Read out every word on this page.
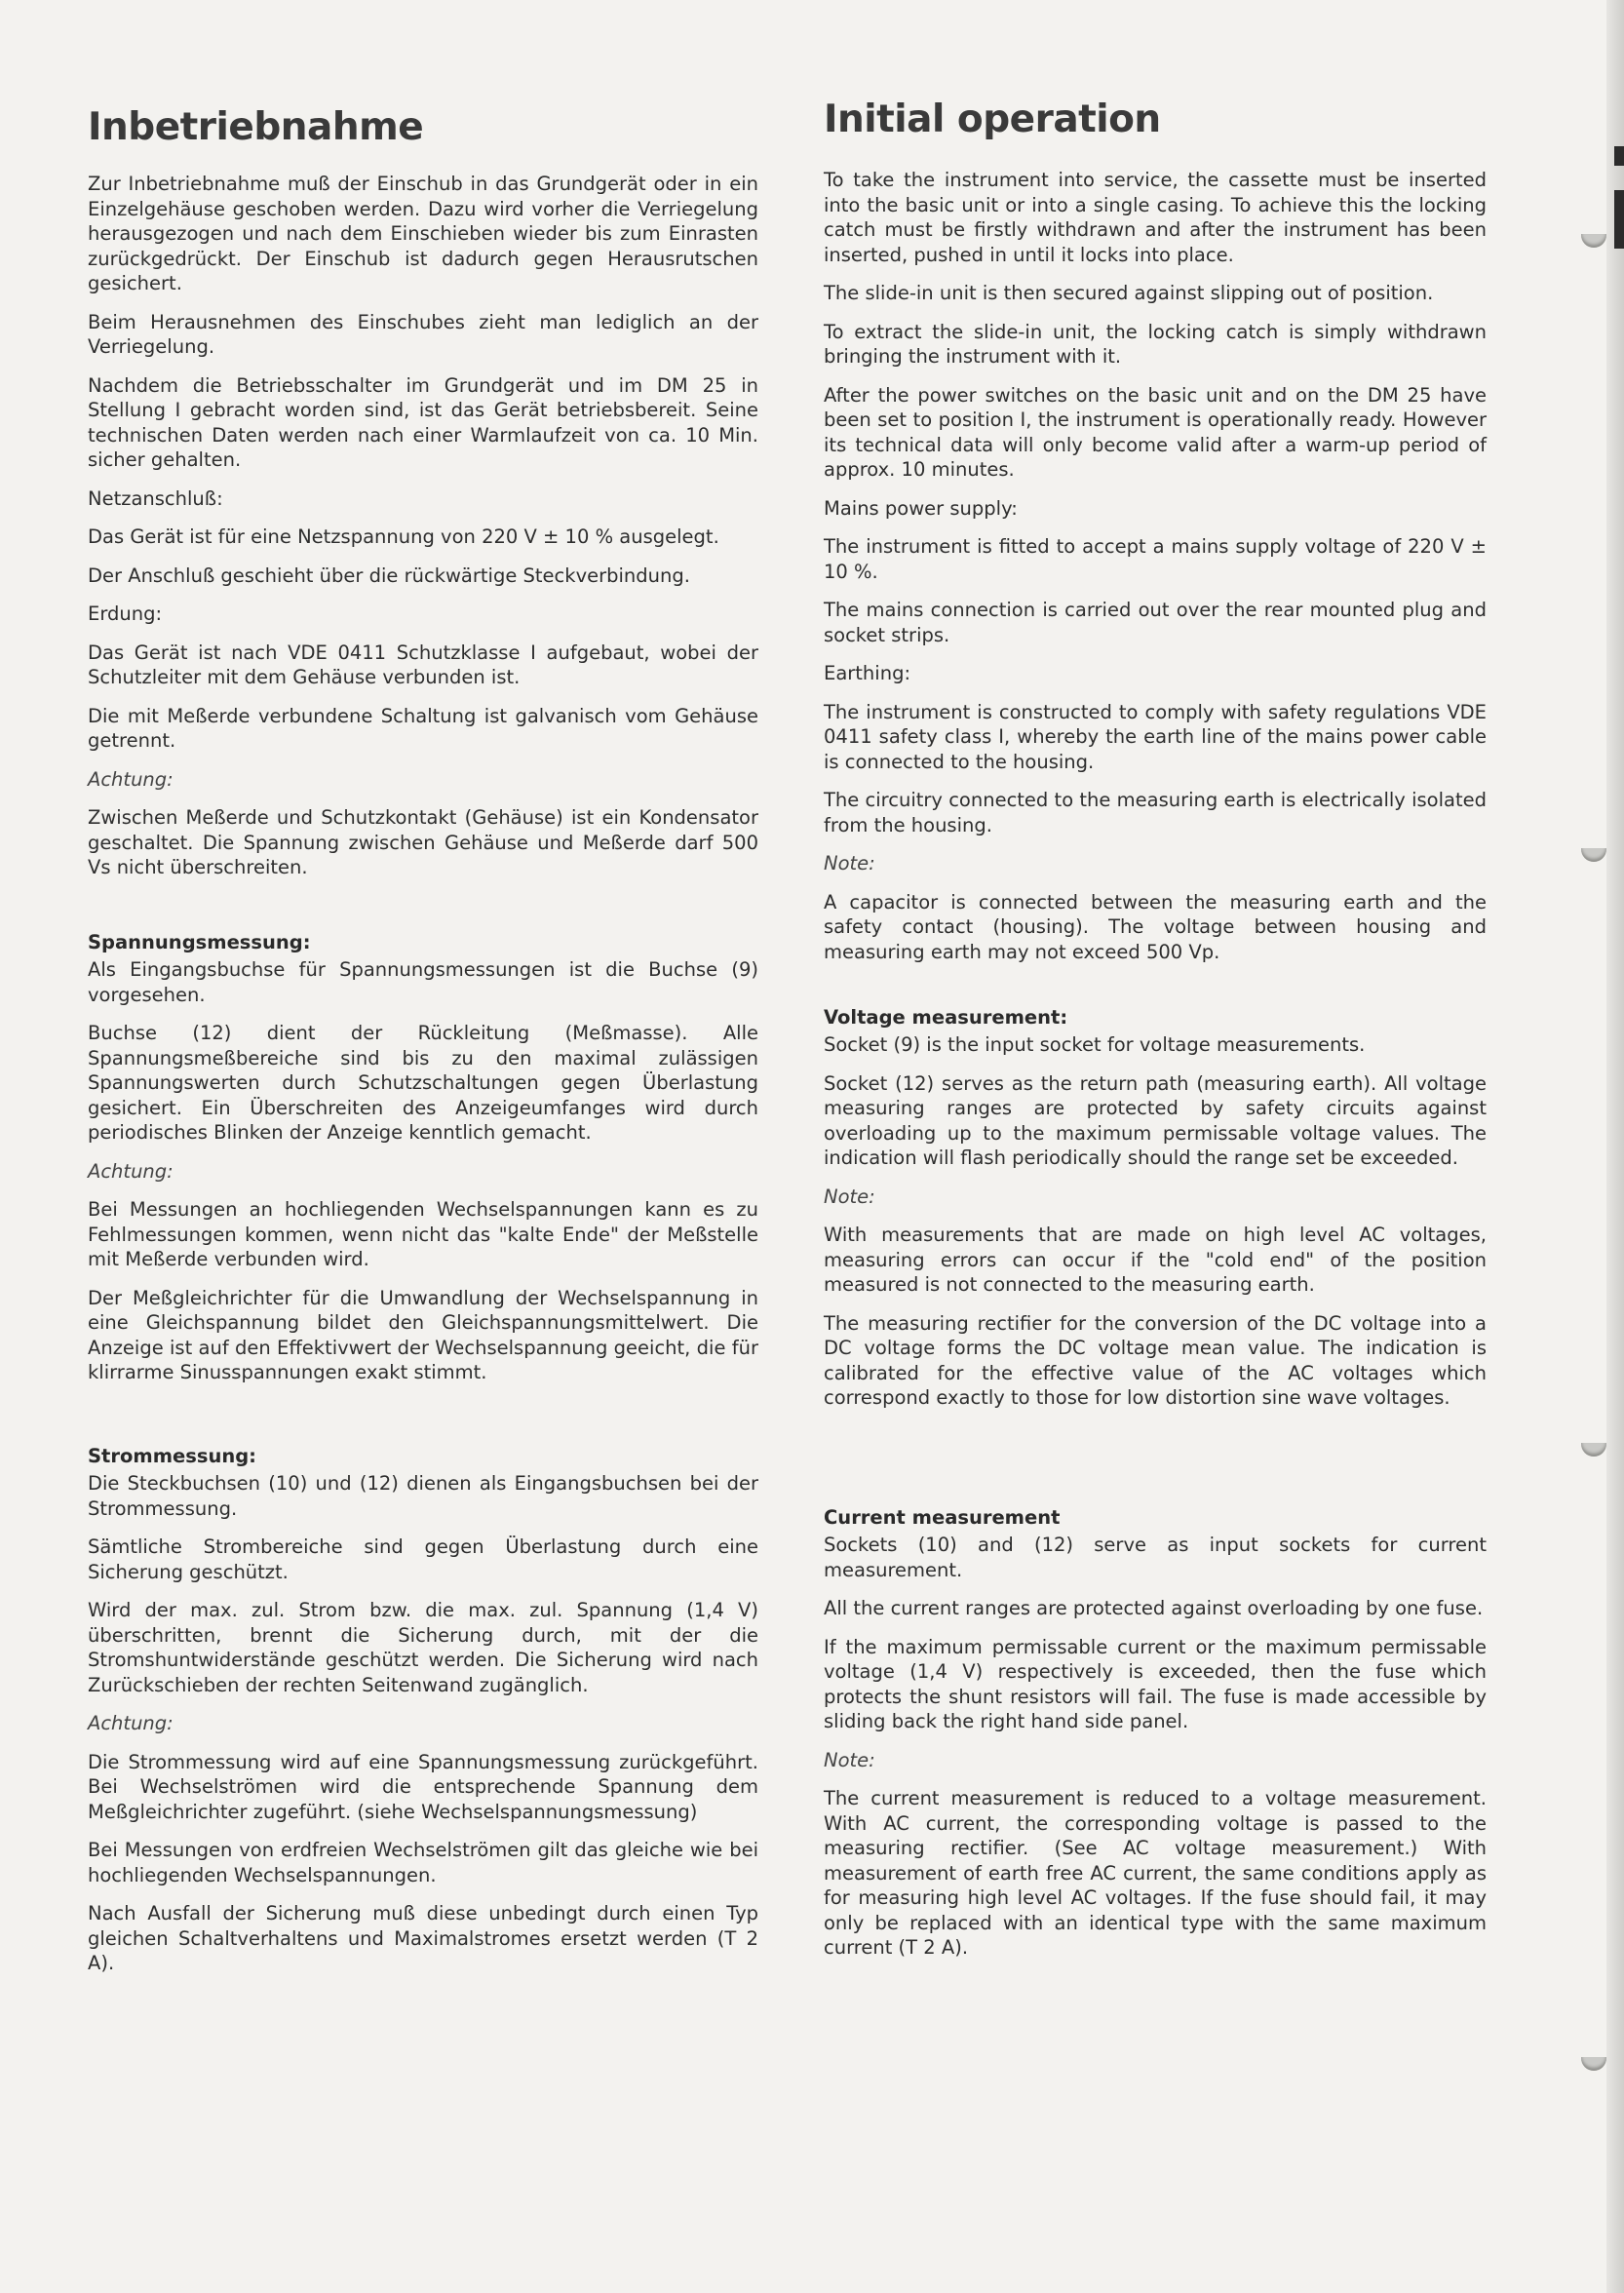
Inbetriebnahme

Zur Inbetriebnahme muß der Einschub in das Grundgerät oder in ein Einzelgehäuse geschoben werden. Dazu wird vorher die Verriegelung herausgezogen und nach dem Einschieben wieder bis zum Einrasten zurückgedrückt. Der Einschub ist dadurch gegen Herausrutschen gesichert.

Beim Herausnehmen des Einschubes zieht man lediglich an der Verriegelung.

Nachdem die Betriebsschalter im Grundgerät und im DM 25 in Stellung I gebracht worden sind, ist das Gerät betriebsbereit. Seine technischen Daten werden nach einer Warmlaufzeit von ca. 10 Min. sicher gehalten.

Netzanschluß:

Das Gerät ist für eine Netzspannung von 220 V ± 10 % ausgelegt.

Der Anschluß geschieht über die rückwärtige Steckverbindung.

Erdung:

Das Gerät ist nach VDE 0411 Schutzklasse I aufgebaut, wobei der Schutzleiter mit dem Gehäuse verbunden ist.

Die mit Meßerde verbundene Schaltung ist galvanisch vom Gehäuse getrennt.

Achtung:

Zwischen Meßerde und Schutzkontakt (Gehäuse) ist ein Kondensator geschaltet. Die Spannung zwischen Gehäuse und Meßerde darf 500 Vs nicht überschreiten.

Spannungsmessung:

Als Eingangsbuchse für Spannungsmessungen ist die Buchse (9) vorgesehen.

Buchse (12) dient der Rückleitung (Meßmasse). Alle Spannungsmeßbereiche sind bis zu den maximal zulässigen Spannungswerten durch Schutzschaltungen gegen Überlastung gesichert. Ein Überschreiten des Anzeigeumfanges wird durch periodisches Blinken der Anzeige kenntlich gemacht.

Achtung:

Bei Messungen an hochliegenden Wechselspannungen kann es zu Fehlmessungen kommen, wenn nicht das "kalte Ende" der Meßstelle mit Meßerde verbunden wird.

Der Meßgleichrichter für die Umwandlung der Wechselspannung in eine Gleichspannung bildet den Gleichspannungsmittelwert. Die Anzeige ist auf den Effektivwert der Wechselspannung geeicht, die für klirrarme Sinusspannungen exakt stimmt.

Strommessung:

Die Steckbuchsen (10) und (12) dienen als Eingangsbuchsen bei der Strommessung.

Sämtliche Strombereiche sind gegen Überlastung durch eine Sicherung geschützt.

Wird der max. zul. Strom bzw. die max. zul. Spannung (1,4 V) überschritten, brennt die Sicherung durch, mit der die Stromshuntwiderstände geschützt werden. Die Sicherung wird nach Zurückschieben der rechten Seitenwand zugänglich.

Achtung:

Die Strommessung wird auf eine Spannungsmessung zurückgeführt. Bei Wechselströmen wird die entsprechende Spannung dem Meßgleichrichter zugeführt. (siehe Wechselspannungsmessung)

Bei Messungen von erdfreien Wechselströmen gilt das gleiche wie bei hochliegenden Wechselspannungen.

Nach Ausfall der Sicherung muß diese unbedingt durch einen Typ gleichen Schaltverhaltens und Maximalstromes ersetzt werden (T 2 A).

Initial operation

To take the instrument into service, the cassette must be inserted into the basic unit or into a single casing. To achieve this the locking catch must be firstly withdrawn and after the instrument has been inserted, pushed in until it locks into place.

The slide-in unit is then secured against slipping out of position.

To extract the slide-in unit, the locking catch is simply withdrawn bringing the instrument with it.

After the power switches on the basic unit and on the DM 25 have been set to position I, the instrument is operationally ready. However its technical data will only become valid after a warm-up period of approx. 10 minutes.

Mains power supply:

The instrument is fitted to accept a mains supply voltage of 220 V ± 10 %.

The mains connection is carried out over the rear mounted plug and socket strips.

Earthing:

The instrument is constructed to comply with safety regulations VDE 0411 safety class I, whereby the earth line of the mains power cable is connected to the housing.

The circuitry connected to the measuring earth is electrically isolated from the housing.

Note:

A capacitor is connected between the measuring earth and the safety contact (housing). The voltage between housing and measuring earth may not exceed 500 Vp.

Voltage measurement:

Socket (9) is the input socket for voltage measurements.

Socket (12) serves as the return path (measuring earth). All voltage measuring ranges are protected by safety circuits against overloading up to the maximum permissable voltage values. The indication will flash periodically should the range set be exceeded.

Note:

With measurements that are made on high level AC voltages, measuring errors can occur if the "cold end" of the position measured is not connected to the measuring earth.

The measuring rectifier for the conversion of the DC voltage into a DC voltage forms the DC voltage mean value. The indication is calibrated for the effective value of the AC voltages which correspond exactly to those for low distortion sine wave voltages.

Current measurement

Sockets (10) and (12) serve as input sockets for current measurement.

All the current ranges are protected against overloading by one fuse.

If the maximum permissable current or the maximum permissable voltage (1,4 V) respectively is exceeded, then the fuse which protects the shunt resistors will fail. The fuse is made accessible by sliding back the right hand side panel.

Note:

The current measurement is reduced to a voltage measurement. With AC current, the corresponding voltage is passed to the measuring rectifier. (See AC voltage measurement.) With measurement of earth free AC current, the same conditions apply as for measuring high level AC voltages. If the fuse should fail, it may only be replaced with an identical type with the same maximum current (T 2 A).
